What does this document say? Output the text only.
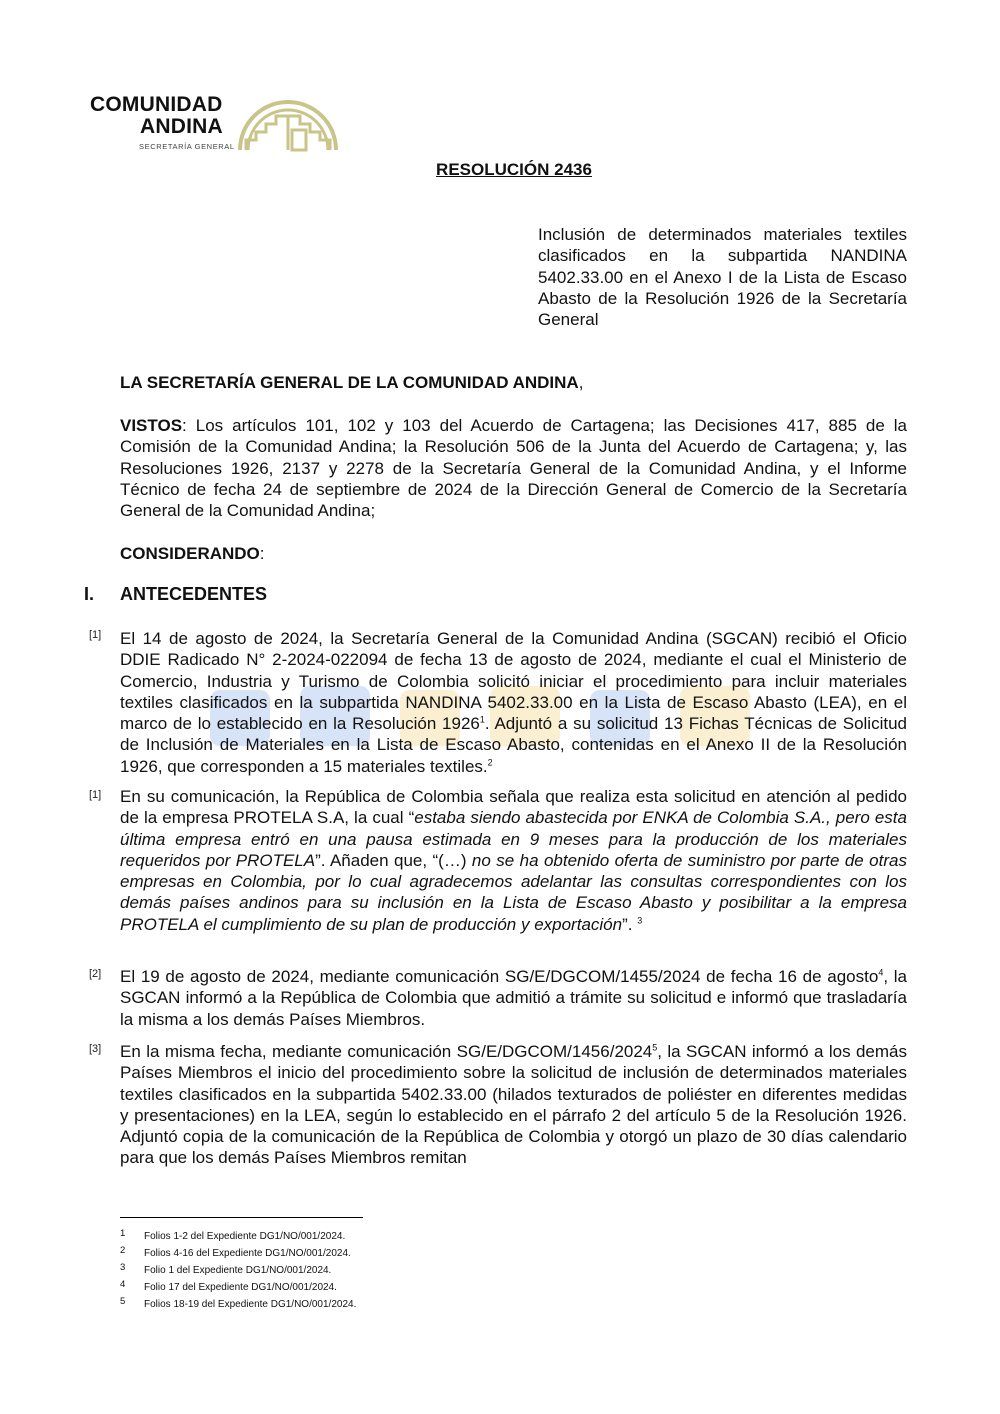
COMUNIDAD
ANDINA
SECRETARÍA GENERAL
RESOLUCIÓN 2436
Inclusión de determinados materiales textiles clasificados en la subpartida NANDINA 5402.33.00 en el Anexo I de la Lista de Escaso Abasto de la Resolución 1926 de la Secretaría General
LA SECRETARÍA GENERAL DE LA COMUNIDAD ANDINA,
VISTOS: Los artículos 101, 102 y 103 del Acuerdo de Cartagena; las Decisiones 417, 885 de la Comisión de la Comunidad Andina; la Resolución 506 de la Junta del Acuerdo de Cartagena; y, las Resoluciones 1926, 2137 y 2278 de la Secretaría General de la Comunidad Andina, y el Informe Técnico de fecha 24 de septiembre de 2024 de la Dirección General de Comercio de la Secretaría General de la Comunidad Andina;
CONSIDERANDO:
I. ANTECEDENTES
[1] El 14 de agosto de 2024, la Secretaría General de la Comunidad Andina (SGCAN) recibió el Oficio DDIE Radicado N° 2-2024-022094 de fecha 13 de agosto de 2024, mediante el cual el Ministerio de Comercio, Industria y Turismo de Colombia solicitó iniciar el procedimiento para incluir materiales textiles clasificados en la subpartida NANDINA 5402.33.00 en la Lista de Escaso Abasto (LEA), en el marco de lo establecido en la Resolución 1926$^1$. Adjuntó a su solicitud 13 Fichas Técnicas de Solicitud de Inclusión de Materiales en la Lista de Escaso Abasto, contenidas en el Anexo II de la Resolución 1926, que corresponden a 15 materiales textiles.$^2$
[1] En su comunicación, la República de Colombia señala que realiza esta solicitud en atención al pedido de la empresa PROTELA S.A, la cual “estaba siendo abastecida por ENKA de Colombia S.A., pero esta última empresa entró en una pausa estimada en 9 meses para la producción de los materiales requeridos por PROTELA”. Añaden que, “(…) no se ha obtenido oferta de suministro por parte de otras empresas en Colombia, por lo cual agradecemos adelantar las consultas correspondientes con los demás países andinos para su inclusión en la Lista de Escaso Abasto y posibilitar a la empresa PROTELA el cumplimiento de su plan de producción y exportación”. $^3$
[2] El 19 de agosto de 2024, mediante comunicación SG/E/DGCOM/1455/2024 de fecha 16 de agosto$^4$, la SGCAN informó a la República de Colombia que admitió a trámite su solicitud e informó que trasladaría la misma a los demás Países Miembros.
[3] En la misma fecha, mediante comunicación SG/E/DGCOM/1456/2024$^5$, la SGCAN informó a los demás Países Miembros el inicio del procedimiento sobre la solicitud de inclusión de determinados materiales textiles clasificados en la subpartida 5402.33.00 (hilados texturados de poliéster en diferentes medidas y presentaciones) en la LEA, según lo establecido en el párrafo 2 del artículo 5 de la Resolución 1926. Adjuntó copia de la comunicación de la República de Colombia y otorgó un plazo de 30 días calendario para que los demás Países Miembros remitan
1 Folios 1-2 del Expediente DG1/NO/001/2024.
2 Folios 4-16 del Expediente DG1/NO/001/2024.
3 Folio 1 del Expediente DG1/NO/001/2024.
4 Folio 17 del Expediente DG1/NO/001/2024.
5 Folios 18-19 del Expediente DG1/NO/001/2024.
